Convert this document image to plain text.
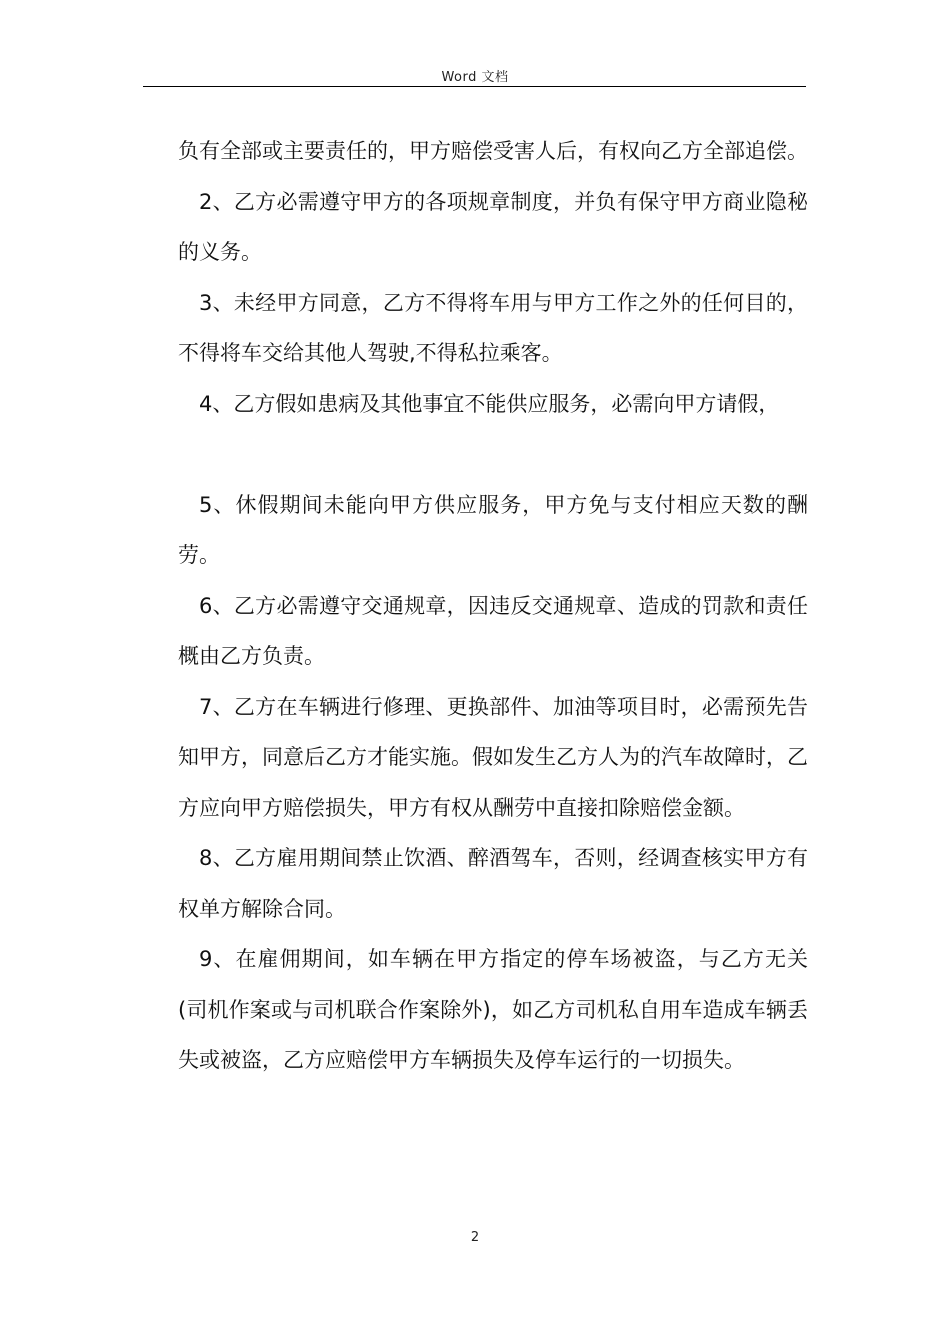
Word 文档

负有全部或主要责任的，甲方赔偿受害人后，有权向乙方全部追偿。

2、乙方必需遵守甲方的各项规章制度，并负有保守甲方商业隐秘的义务。

3、未经甲方同意，乙方不得将车用与甲方工作之外的任何目的，不得将车交给其他人驾驶,不得私拉乘客。

4、乙方假如患病及其他事宜不能供应服务，必需向甲方请假，

5、休假期间未能向甲方供应服务，甲方免与支付相应天数的酬劳。

6、乙方必需遵守交通规章，因违反交通规章、造成的罚款和责任概由乙方负责。

7、乙方在车辆进行修理、更换部件、加油等项目时，必需预先告知甲方，同意后乙方才能实施。假如发生乙方人为的汽车故障时，乙方应向甲方赔偿损失，甲方有权从酬劳中直接扣除赔偿金额。

8、乙方雇用期间禁止饮酒、醉酒驾车，否则，经调查核实甲方有权单方解除合同。

9、在雇佣期间，如车辆在甲方指定的停车场被盗，与乙方无关(司机作案或与司机联合作案除外)，如乙方司机私自用车造成车辆丢失或被盗，乙方应赔偿甲方车辆损失及停车运行的一切损失。

2
